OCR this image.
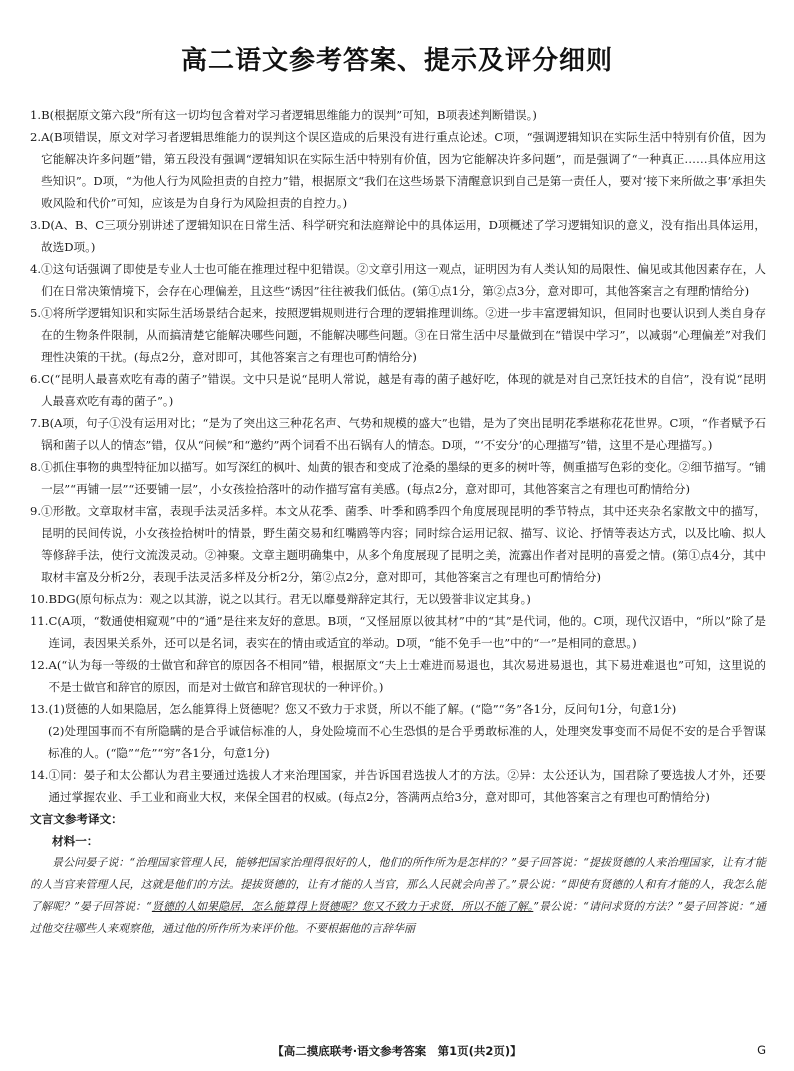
高二语文参考答案、提示及评分细则
1. B(根据原文第六段“所有这一切均包含着对学习者逻辑思维能力的误判”可知，B项表述判断错误。)
2. A(B项错误，原文对学习者逻辑思维能力的误判这个误区造成的后果没有进行重点论述。C项，“强调逻辑知识在实际生活中特别有价值，因为它能解决许多问题”错，第五段没有强调“逻辑知识在实际生活中特别有价值，因为它能解决许多问题”，而是强调了“一种真正……具体应用这些知识”。D项，“为他人行为风险担责的自控力”错，根据原文“我们在这些场景下清醒意识到自己是第一责任人，要对‘接下来所做之事’承担失败风险和代价”可知，应该是为自身行为风险担责的自控力。)
3. D(A、B、C三项分别讲述了逻辑知识在日常生活、科学研究和法庭辩论中的具体运用，D项概述了学习逻辑知识的意义，没有指出具体运用，故选D项。)
4. ①这句话强调了即使是专业人士也可能在推理过程中犯错误。②文章引用这一观点，证明因为有人类认知的局限性、偏见或其他因素存在，人们在日常决策情境下，会存在心理偏差，且这些“诱因”往往被我们低估。(第①点1分，第②点3分，意对即可，其他答案言之有理酌情给分)
5. ①将所学逻辑知识和实际生活场景结合起来，按照逻辑规则进行合理的逻辑推理训练。②进一步丰富逻辑知识，但同时也要认识到人类自身存在的生物条件限制，从而搞清楚它能解决哪些问题，不能解决哪些问题。③在日常生活中尽量做到在“错误中学习”，以减弱“心理偏差”对我们理性决策的干扰。(每点2分，意对即可，其他答案言之有理也可酌情给分)
6. C(“昆明人最喜欢吃有毒的菌子”错误。文中只是说“昆明人常说，越是有毒的菌子越好吃，体现的就是对自己烹饪技术的自信”，没有说“昆明人最喜欢吃有毒的菌子”。)
7. B(A项，句子①没有运用对比；“是为了突出这三种花名声、气势和规模的盛大”也错，是为了突出昆明花季堪称花花世界。C项，“作者赋予石锅和菌子以人的情态”错，仅从“问候”和“邀约”两个词看不出石锅有人的情态。D项，“‘不安分’的心理描写”错，这里不是心理描写。)
8. ①抓住事物的典型特征加以描写。如写深红的枫叶、灿黄的银杏和变成了沧桑的墨绿的更多的树叶等，侧重描写色彩的变化。②细节描写。“铺一层”“再铺一层”“还要铺一层”，小女孩捡拾落叶的动作描写富有美感。(每点2分，意对即可，其他答案言之有理也可酌情给分)
9. ①形散。文章取材丰富，表现手法灵活多样。本文从花季、菌季、叶季和鸥季四个角度展现昆明的季节特点，其中还夹杂名家散文中的描写，昆明的民间传说，小女孩捡拾树叶的情景，野生菌交易和红嘴鸥等内容；同时综合运用记叙、描写、议论、抒情等表达方式，以及比喻、拟人等修辞手法，使行文流泼灵动。②神聚。文章主题明确集中，从多个角度展现了昆明之美，流露出作者对昆明的喜爱之情。(第①点4分，其中取材丰富及分析2分，表现手法灵活多样及分析2分，第②点2分，意对即可，其他答案言之有理也可酌情给分)
10. BDG(原句标点为：观之以其游，说之以其行。君无以靡曼辩辞定其行，无以毁誉非议定其身。)
11. C(A项，“数通使相窥观”中的“通”是往来友好的意思。B项，“又怪屈原以彼其材”中的“其”是代词，他的。C项，现代汉语中，“所以”除了是连词，表因果关系外，还可以是名词，表实在的情由或适宜的举动。D项，“能不免手一也”中的“一”是相同的意思。)
12. A(“认为每一等级的士做官和辞官的原因各不相同”错，根据原文“夫上士难进而易退也，其次易进易退也，其下易进难退也”可知，这里说的不是士做官和辞官的原因，而是对士做官和辞官现状的一种评价。)
13. (1)贤德的人如果隐居，怎么能算得上贤德呢？您又不致力于求贤，所以不能了解。(“隐”“务”各1分，反问句1分，句意1分)
(2)处理国事而不有所隐瞒的是合乎诚信标准的人，身处险境而不心生恐惧的是合乎勇敢标准的人，处理突发事变而不局促不安的是合乎智谋标准的人。(“隐”“危”“穷”各1分，句意1分)
14. ①同：晏子和太公都认为君主要通过选拔人才来治理国家，并告诉国君选拔人才的方法。②异：太公还认为，国君除了要选拔人才外，还要通过掌握农业、手工业和商业大权，来保全国君的权威。(每点2分，答满两点给3分，意对即可，其他答案言之有理也可酌情给分)
文言文参考译文：
材料一：
景公问晏子说：“治理国家管理人民，能够把国家治理得很好的人，他们的所作所为是怎样的？”晏子回答说：“提拔贤德的人来治理国家，让有才能的人当官来管理人民，这就是他们的方法。提拔贤德的，让有才能的人当官，那么人民就会向善了。”景公说：“即使有贤德的人和有才能的人，我怎么能了解呢？”晏子回答说：“贤德的人如果隐居，怎么能算得上贤德呢？您又不致力于求贤，所以不能了解。”景公说：“请问求贤的方法？”晏子回答说：“通过他交往哪些人来观察他，通过他的所作所为来评价他。不要根据他的言辞华丽
【高二摸底联考·语文参考答案　第1页(共2页)】	G
